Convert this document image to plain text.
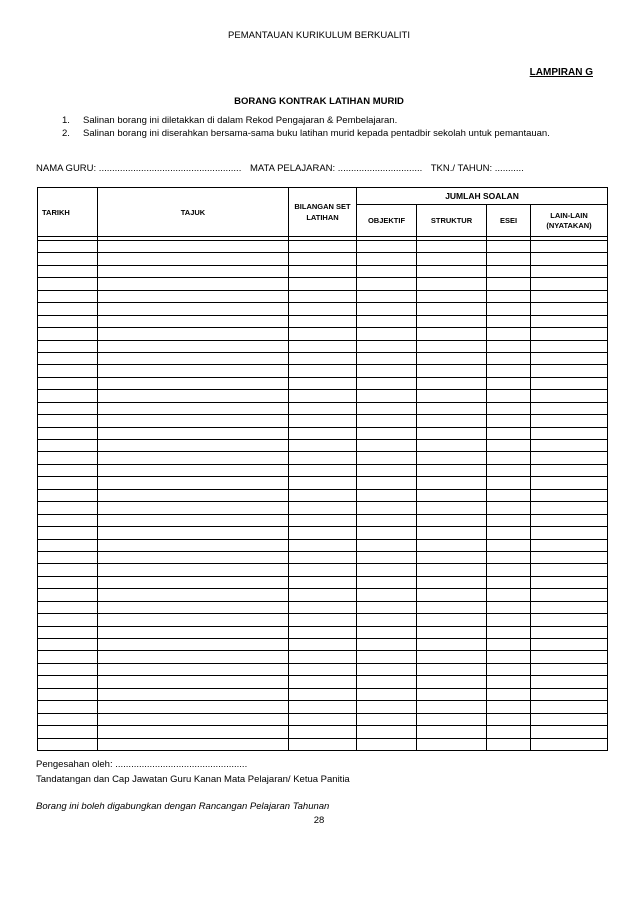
PEMANTAUAN KURIKULUM BERKUALITI
LAMPIRAN G
BORANG KONTRAK LATIHAN MURID
1.	Salinan borang ini diletakkan di dalam Rekod Pengajaran & Pembelajaran.
2.	Salinan borang ini diserahkan bersama-sama buku latihan murid kepada pentadbir sekolah untuk pemantauan.
NAMA GURU: ...................................................... MATA PELAJARAN: ................................ TKN./ TAHUN: ...........
TARIKH	TAJUK	BILANGAN SET LATIHAN	JUMLAH SOALAN			
			OBJEKTIF	STRUKTUR	ESEI	LAIN-LAIN (NYATAKAN)

Pengesahan oleh: ..................................................
Tandatangan dan Cap Jawatan Guru Kanan Mata Pelajaran/ Ketua Panitia
Borang ini boleh digabungkan dengan Rancangan Pelajaran Tahunan
28
